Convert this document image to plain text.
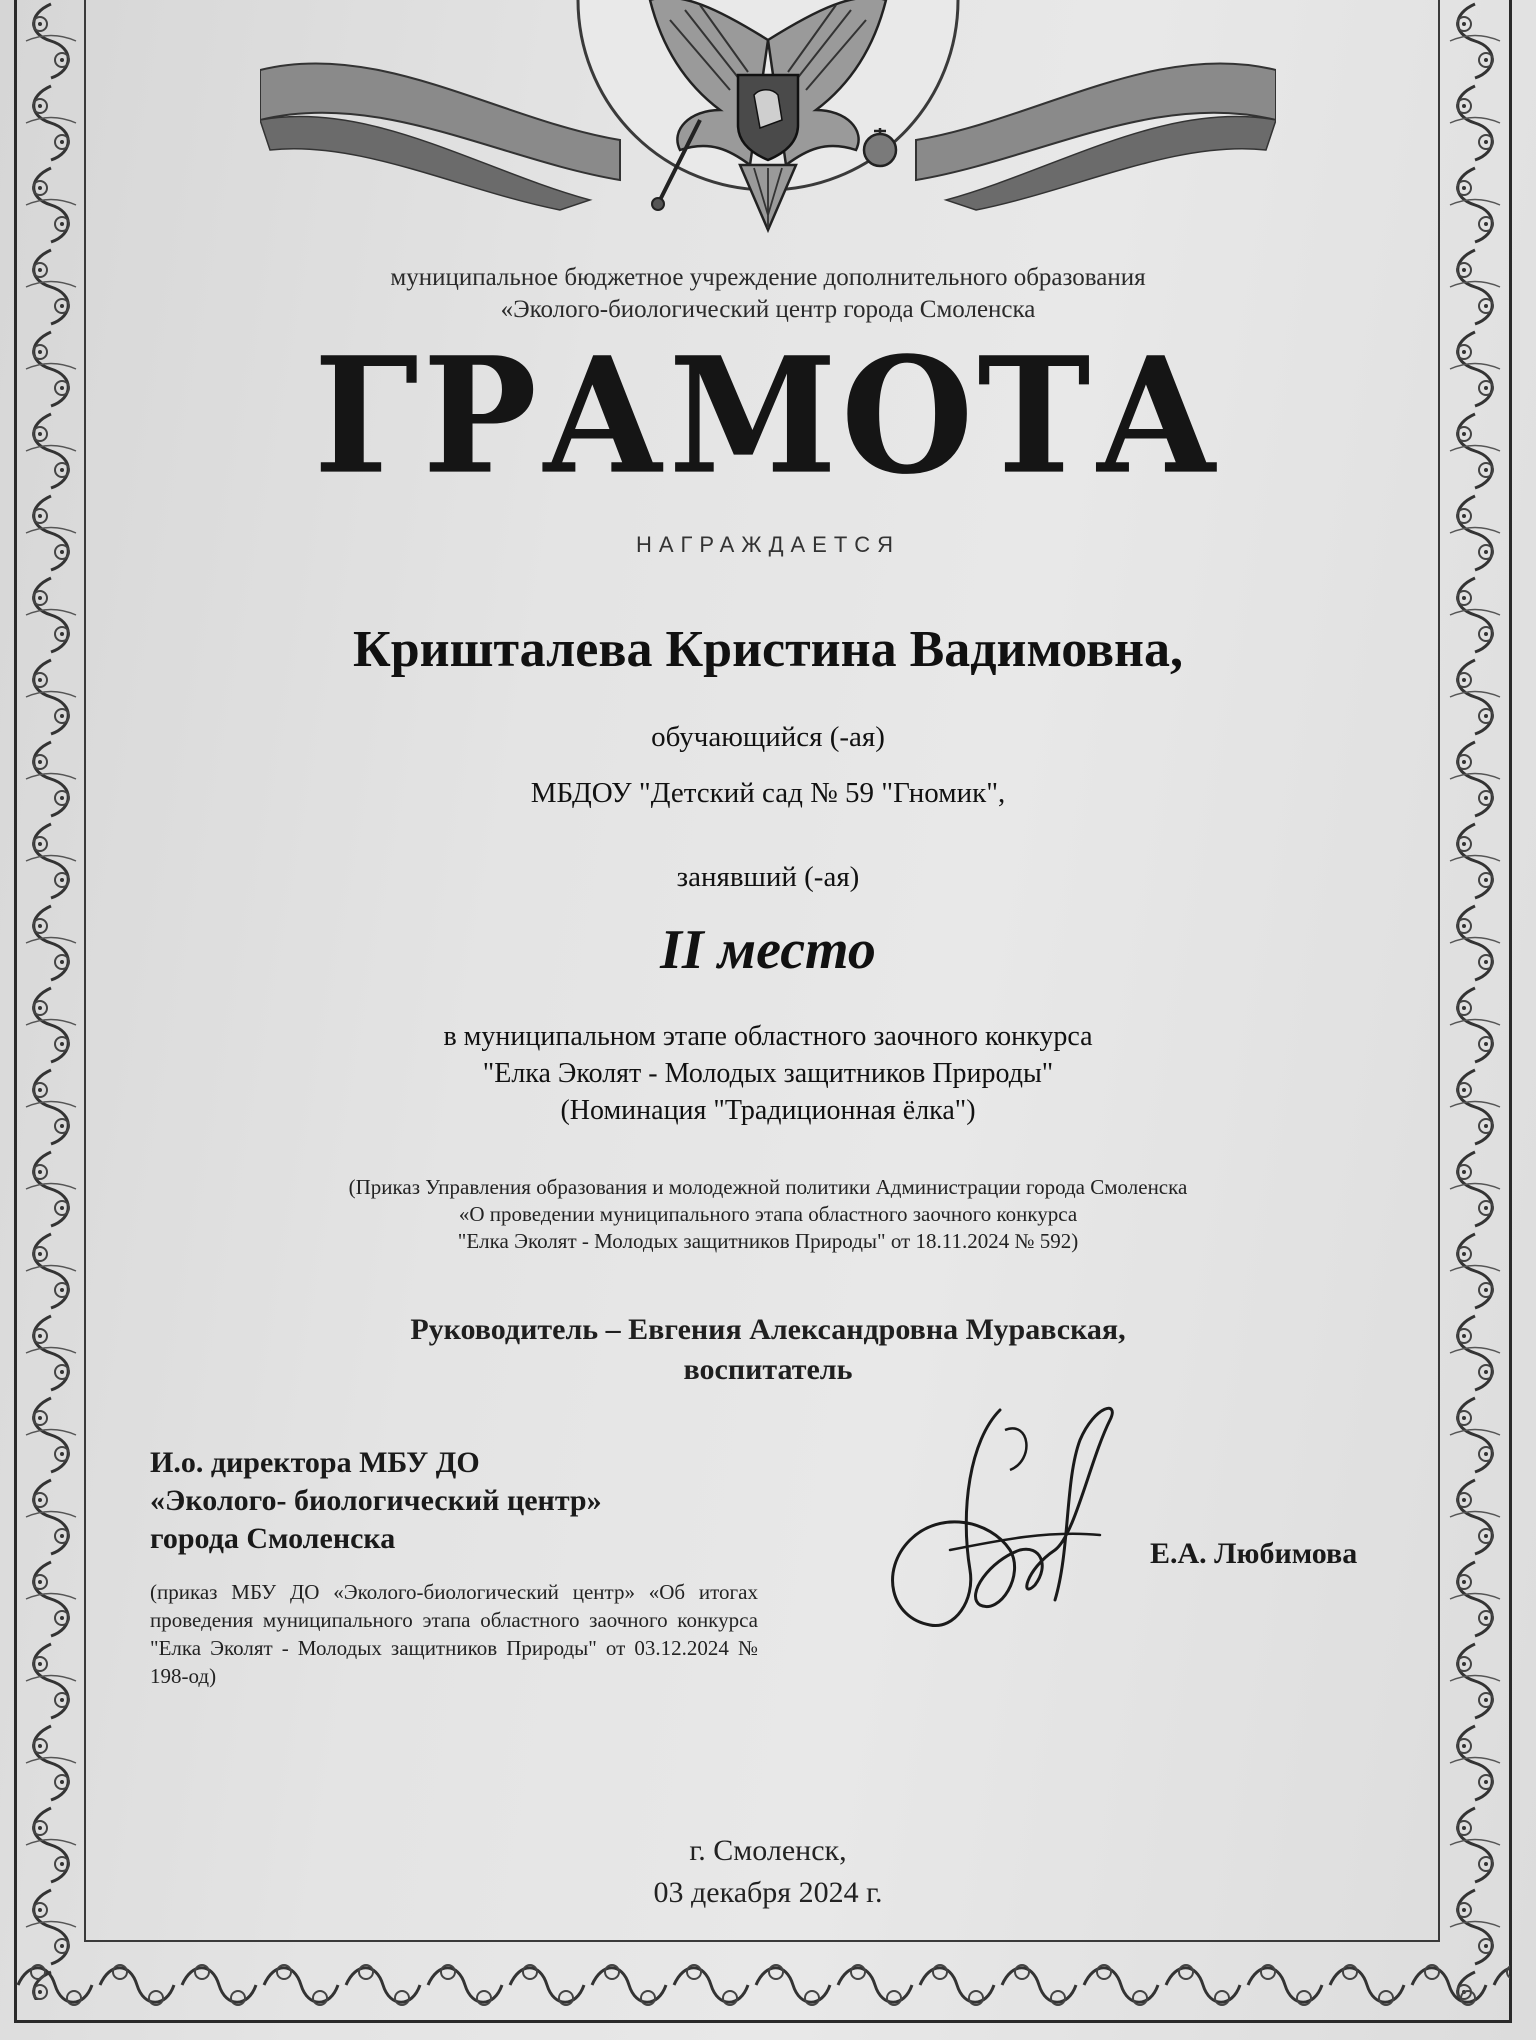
муниципальное бюджетное учреждение дополнительного образования
«Эколого-биологический центр города Смоленска
ГРАМОТА
НАГРАЖДАЕТСЯ
Кришталева Кристина Вадимовна,
обучающийся (-ая)
МБДОУ "Детский сад № 59 "Гномик",
занявший (-ая)
II место
в муниципальном этапе областного заочного конкурса
"Елка Эколят - Молодых защитников Природы"
(Номинация "Традиционная ёлка")
(Приказ Управления образования и молодежной политики Администрации города Смоленска
«О проведении муниципального этапа областного заочного конкурса
"Елка Эколят - Молодых защитников Природы" от 18.11.2024 № 592)
Руководитель – Евгения Александровна Муравская,
воспитатель
И.о. директора МБУ ДО
«Эколого- биологический центр»
города Смоленска
(приказ МБУ ДО «Эколого-биологический центр» «Об итогах проведения муниципального этапа областного заочного конкурса "Елка Эколят - Молодых защитников Природы" от 03.12.2024 № 198-од)
Е.А. Любимова
г. Смоленск,
03 декабря 2024 г.
